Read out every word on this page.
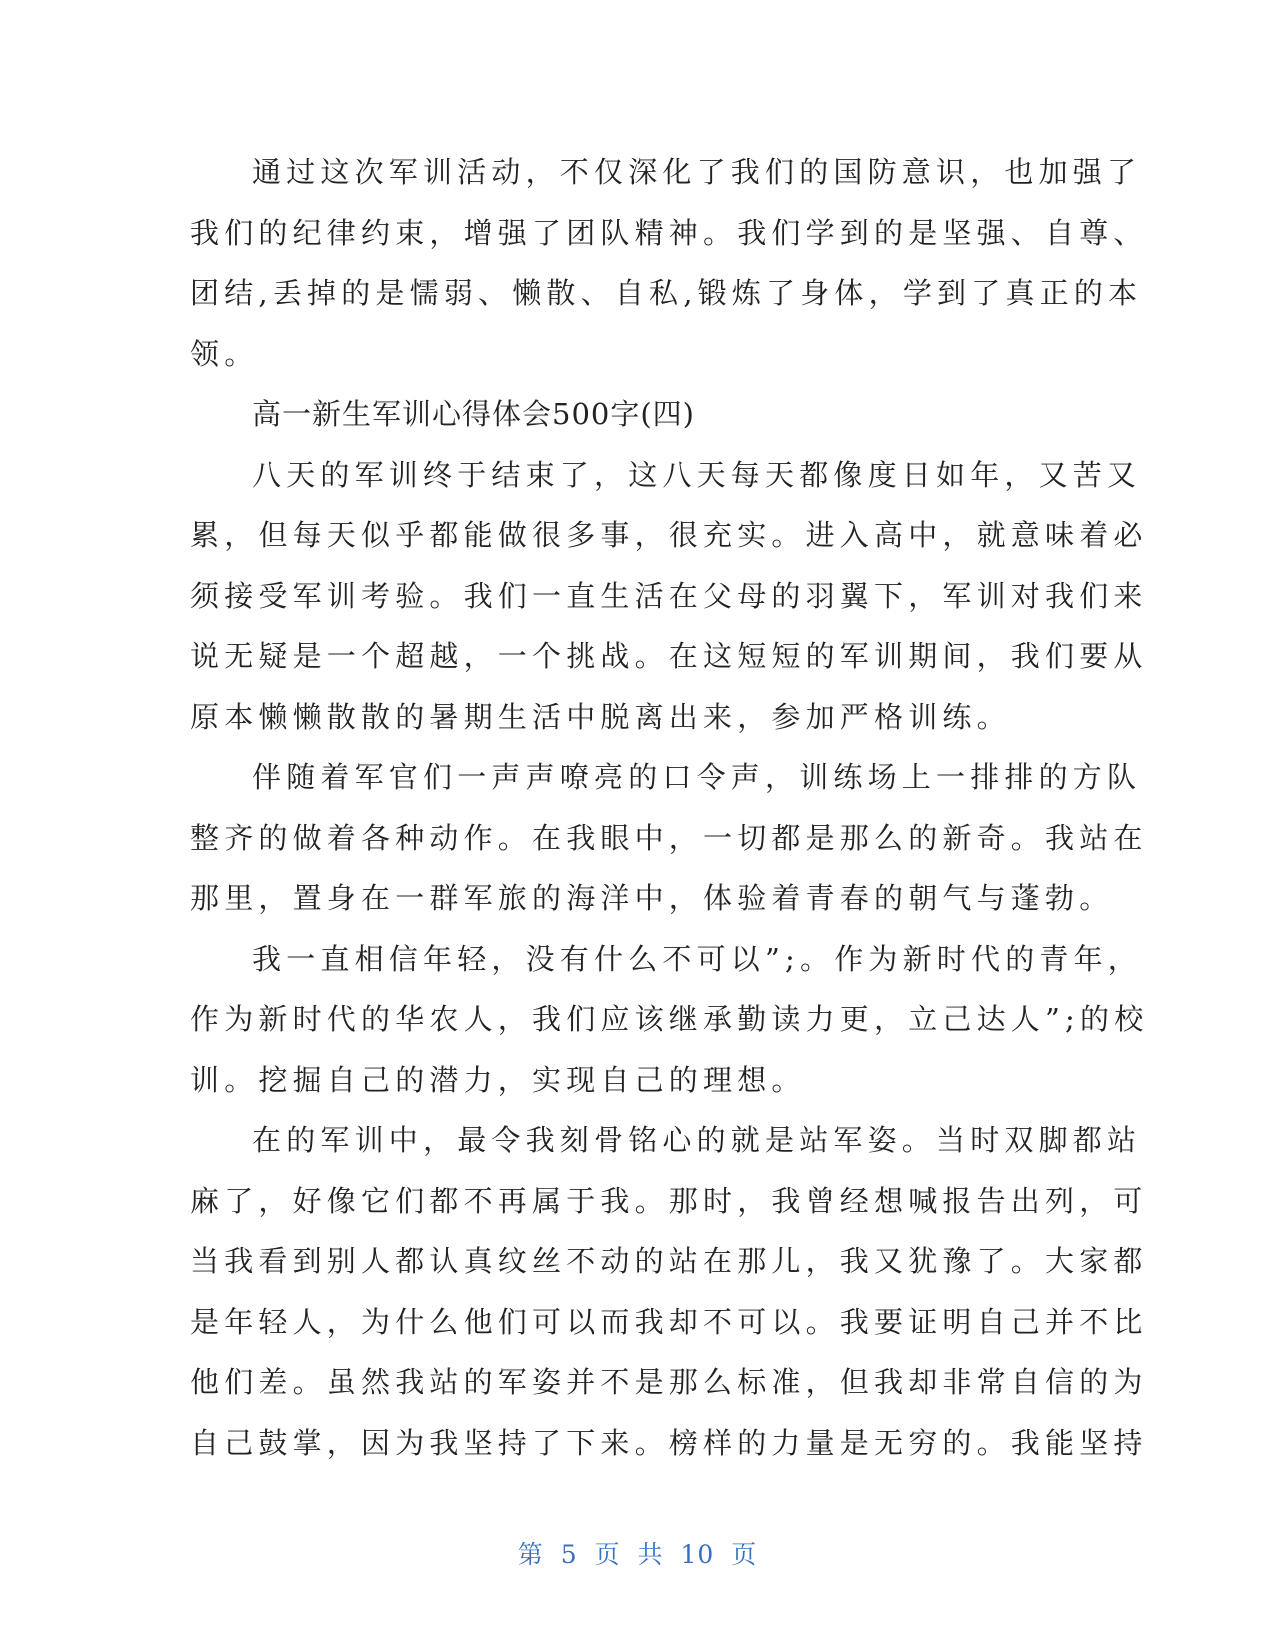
通过这次军训活动，不仅深化了我们的国防意识，也加强了
我们的纪律约束，增强了团队精神。我们学到的是坚强、自尊、
团结,丢掉的是懦弱、懒散、自私,锻炼了身体，学到了真正的本
领。
高一新生军训心得体会500字(四)
八天的军训终于结束了，这八天每天都像度日如年，又苦又
累，但每天似乎都能做很多事，很充实。进入高中，就意味着必
须接受军训考验。我们一直生活在父母的羽翼下，军训对我们来
说无疑是一个超越，一个挑战。在这短短的军训期间，我们要从
原本懒懒散散的暑期生活中脱离出来，参加严格训练。
伴随着军官们一声声嘹亮的口令声，训练场上一排排的方队
整齐的做着各种动作。在我眼中，一切都是那么的新奇。我站在
那里，置身在一群军旅的海洋中，体验着青春的朝气与蓬勃。
我一直相信年轻，没有什么不可以”;。作为新时代的青年，
作为新时代的华农人，我们应该继承勤读力更，立己达人”;的校
训。挖掘自己的潜力，实现自己的理想。
在的军训中，最令我刻骨铭心的就是站军姿。当时双脚都站
麻了，好像它们都不再属于我。那时，我曾经想喊报告出列，可
当我看到别人都认真纹丝不动的站在那儿，我又犹豫了。大家都
是年轻人，为什么他们可以而我却不可以。我要证明自己并不比
他们差。虽然我站的军姿并不是那么标准，但我却非常自信的为
自己鼓掌，因为我坚持了下来。榜样的力量是无穷的。我能坚持
第 5 页 共 10 页
